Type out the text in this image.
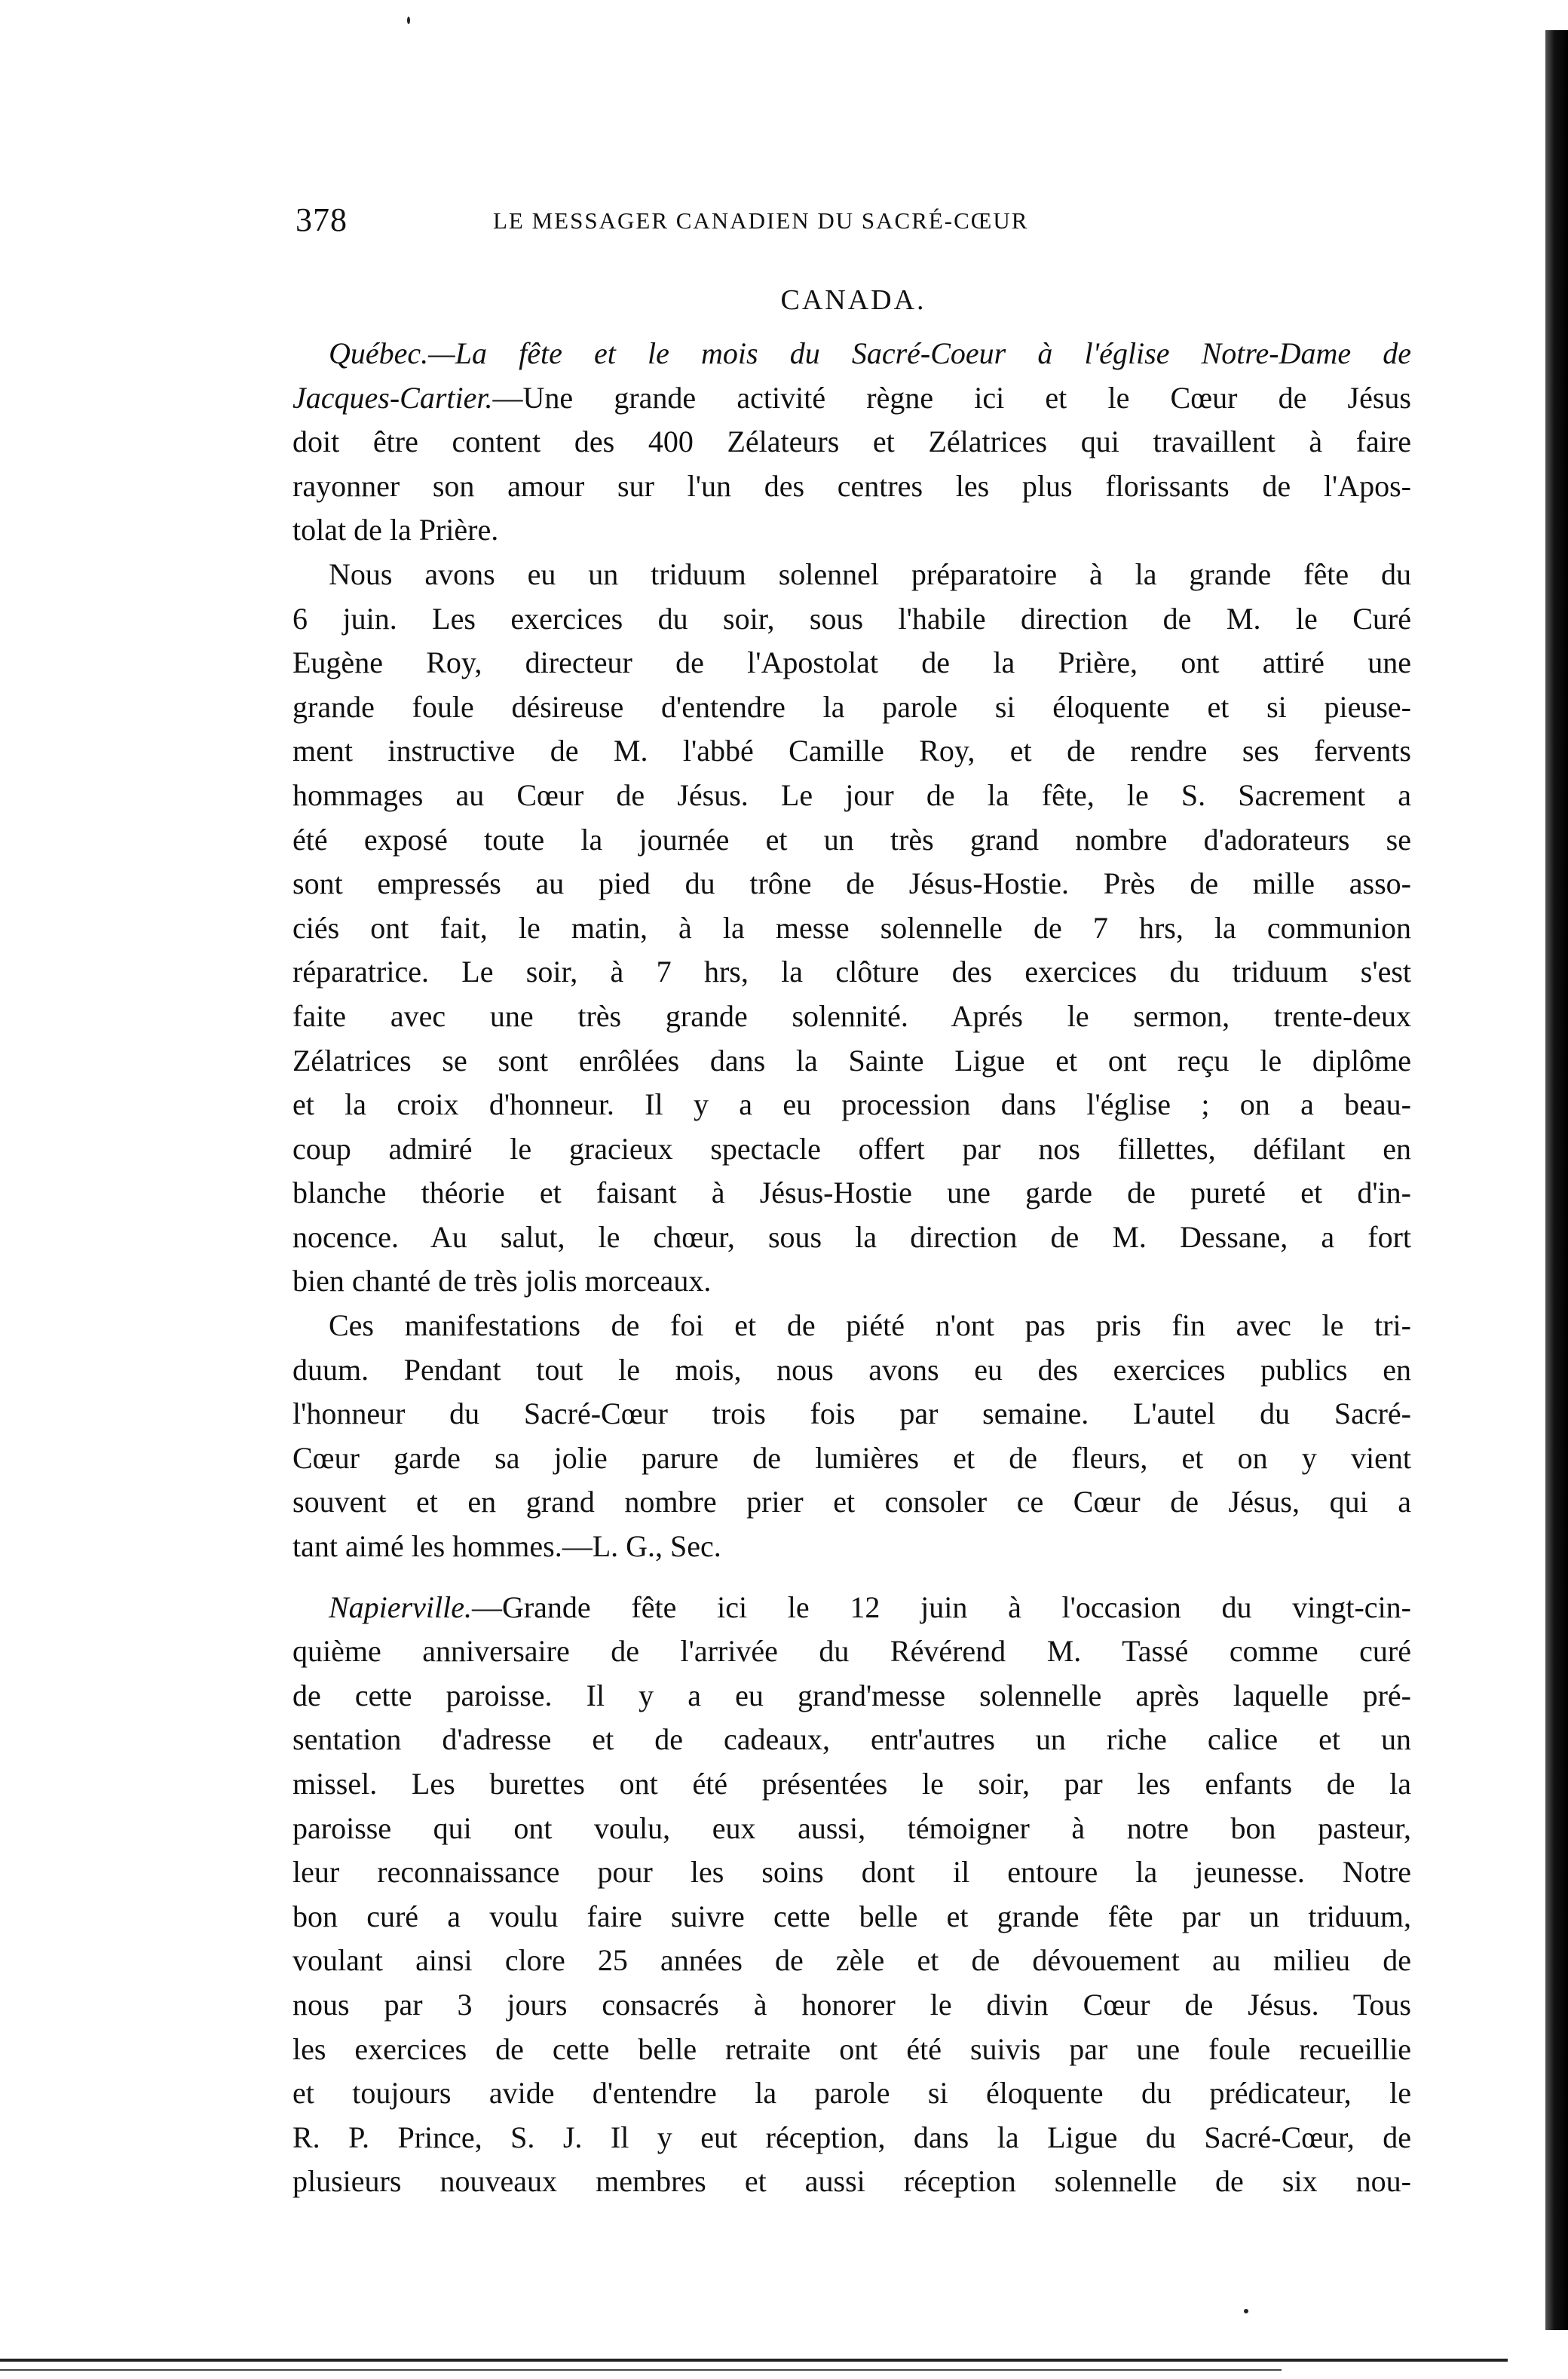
378	LE MESSAGER CANADIEN DU SACRÉ-CŒUR
CANADA.
Québec.—La fête et le mois du Sacré-Coeur à l'église Notre-Dame de
Jacques-Cartier.—Une grande activité règne ici et le Cœur de Jésus
doit être content des 400 Zélateurs et Zélatrices qui travaillent à faire
rayonner son amour sur l'un des centres les plus florissants de l'Apos-
tolat de la Prière.
Nous avons eu un triduum solennel préparatoire à la grande fête du
6 juin. Les exercices du soir, sous l'habile direction de M. le Curé
Eugène Roy, directeur de l'Apostolat de la Prière, ont attiré une
grande foule désireuse d'entendre la parole si éloquente et si pieuse-
ment instructive de M. l'abbé Camille Roy, et de rendre ses fervents
hommages au Cœur de Jésus. Le jour de la fête, le S. Sacrement a
été exposé toute la journée et un très grand nombre d'adorateurs se
sont empressés au pied du trône de Jésus-Hostie. Près de mille asso-
ciés ont fait, le matin, à la messe solennelle de 7 hrs, la communion
réparatrice. Le soir, à 7 hrs, la clôture des exercices du triduum s'est
faite avec une très grande solennité. Aprés le sermon, trente-deux
Zélatrices se sont enrôlées dans la Sainte Ligue et ont reçu le diplôme
et la croix d'honneur. Il y a eu procession dans l'église ; on a beau-
coup admiré le gracieux spectacle offert par nos fillettes, défilant en
blanche théorie et faisant à Jésus-Hostie une garde de pureté et d'in-
nocence. Au salut, le chœur, sous la direction de M. Dessane, a fort
bien chanté de très jolis morceaux.
Ces manifestations de foi et de piété n'ont pas pris fin avec le tri-
duum. Pendant tout le mois, nous avons eu des exercices publics en
l'honneur du Sacré-Cœur trois fois par semaine. L'autel du Sacré-
Cœur garde sa jolie parure de lumières et de fleurs, et on y vient
souvent et en grand nombre prier et consoler ce Cœur de Jésus, qui a
tant aimé les hommes.—L. G., Sec.
Napierville.—Grande fête ici le 12 juin à l'occasion du vingt-cin-
quième anniversaire de l'arrivée du Révérend M. Tassé comme curé
de cette paroisse. Il y a eu grand'messe solennelle après laquelle pré-
sentation d'adresse et de cadeaux, entr'autres un riche calice et un
missel. Les burettes ont été présentées le soir, par les enfants de la
paroisse qui ont voulu, eux aussi, témoigner à notre bon pasteur,
leur reconnaissance pour les soins dont il entoure la jeunesse. Notre
bon curé a voulu faire suivre cette belle et grande fête par un triduum,
voulant ainsi clore 25 années de zèle et de dévouement au milieu de
nous par 3 jours consacrés à honorer le divin Cœur de Jésus. Tous
les exercices de cette belle retraite ont été suivis par une foule recueillie
et toujours avide d'entendre la parole si éloquente du prédicateur, le
R. P. Prince, S. J. Il y eut réception, dans la Ligue du Sacré-Cœur, de
plusieurs nouveaux membres et aussi réception solennelle de six nou-
